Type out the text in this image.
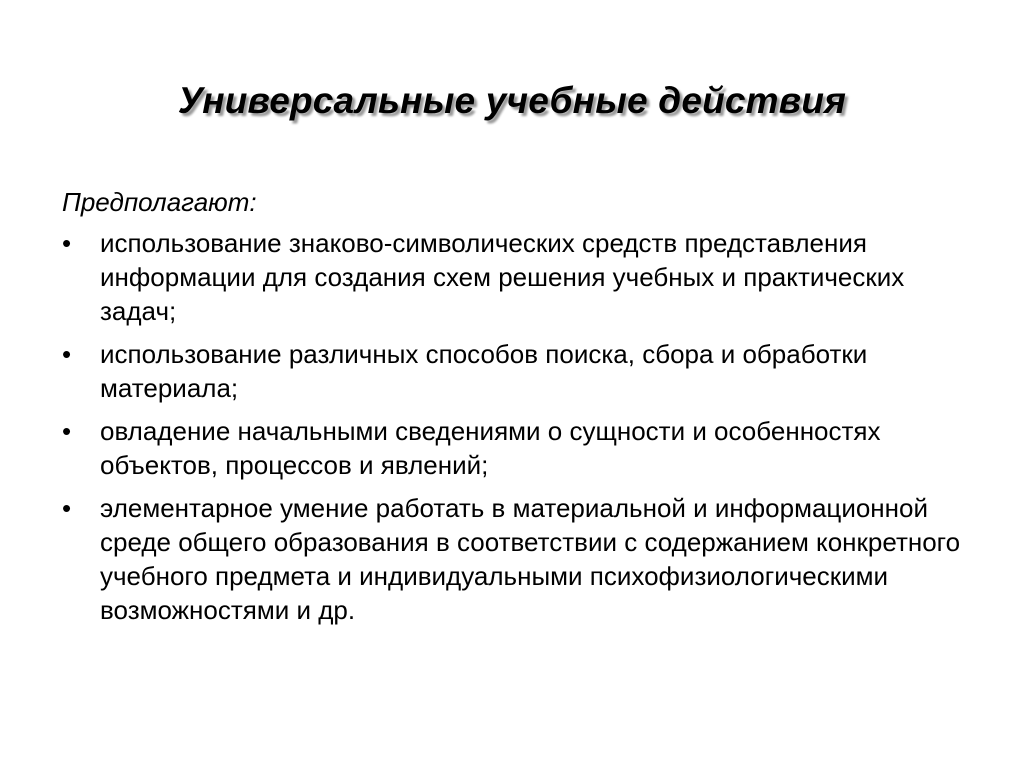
Универсальные учебные действия
Предполагают:
•	использование знаково-символических средств представления информации для создания схем решения учебных и практических задач;
•	использование различных способов поиска, сбора и обработки материала;
•	овладение начальными сведениями о сущности и особенностях объектов, процессов и явлений;
•	элементарное умение работать в материальной и информационной среде общего образования в соответствии с содержанием конкретного учебного предмета и индивидуальными психофизиологическими возможностями и др.
